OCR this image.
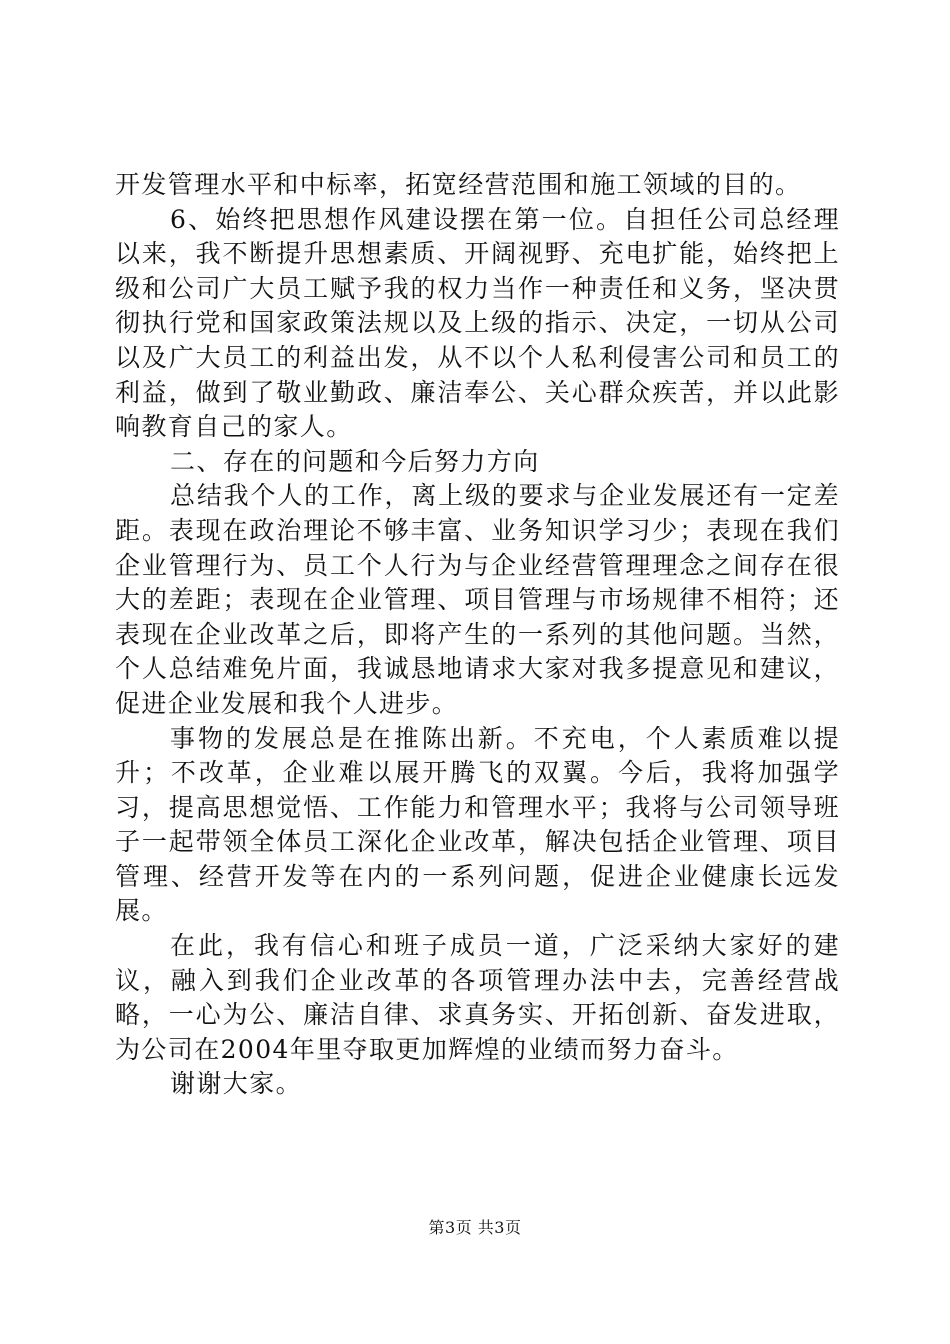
开发管理水平和中标率，拓宽经营范围和施工领域的目的。

6、始终把思想作风建设摆在第一位。自担任公司总经理以来，我不断提升思想素质、开阔视野、充电扩能，始终把上级和公司广大员工赋予我的权力当作一种责任和义务，坚决贯彻执行党和国家政策法规以及上级的指示、决定，一切从公司以及广大员工的利益出发，从不以个人私利侵害公司和员工的利益，做到了敬业勤政、廉洁奉公、关心群众疾苦，并以此影响教育自己的家人。

二、存在的问题和今后努力方向

总结我个人的工作，离上级的要求与企业发展还有一定差距。表现在政治理论不够丰富、业务知识学习少；表现在我们企业管理行为、员工个人行为与企业经营管理理念之间存在很大的差距；表现在企业管理、项目管理与市场规律不相符；还表现在企业改革之后，即将产生的一系列的其他问题。当然，个人总结难免片面，我诚恳地请求大家对我多提意见和建议，促进企业发展和我个人进步。

事物的发展总是在推陈出新。不充电，个人素质难以提升；不改革，企业难以展开腾飞的双翼。今后，我将加强学习，提高思想觉悟、工作能力和管理水平；我将与公司领导班子一起带领全体员工深化企业改革，解决包括企业管理、项目管理、经营开发等在内的一系列问题，促进企业健康长远发展。

在此，我有信心和班子成员一道，广泛采纳大家好的建议，融入到我们企业改革的各项管理办法中去，完善经营战略，一心为公、廉洁自律、求真务实、开拓创新、奋发进取，为公司在2004年里夺取更加辉煌的业绩而努力奋斗。

谢谢大家。

第3页 共3页
